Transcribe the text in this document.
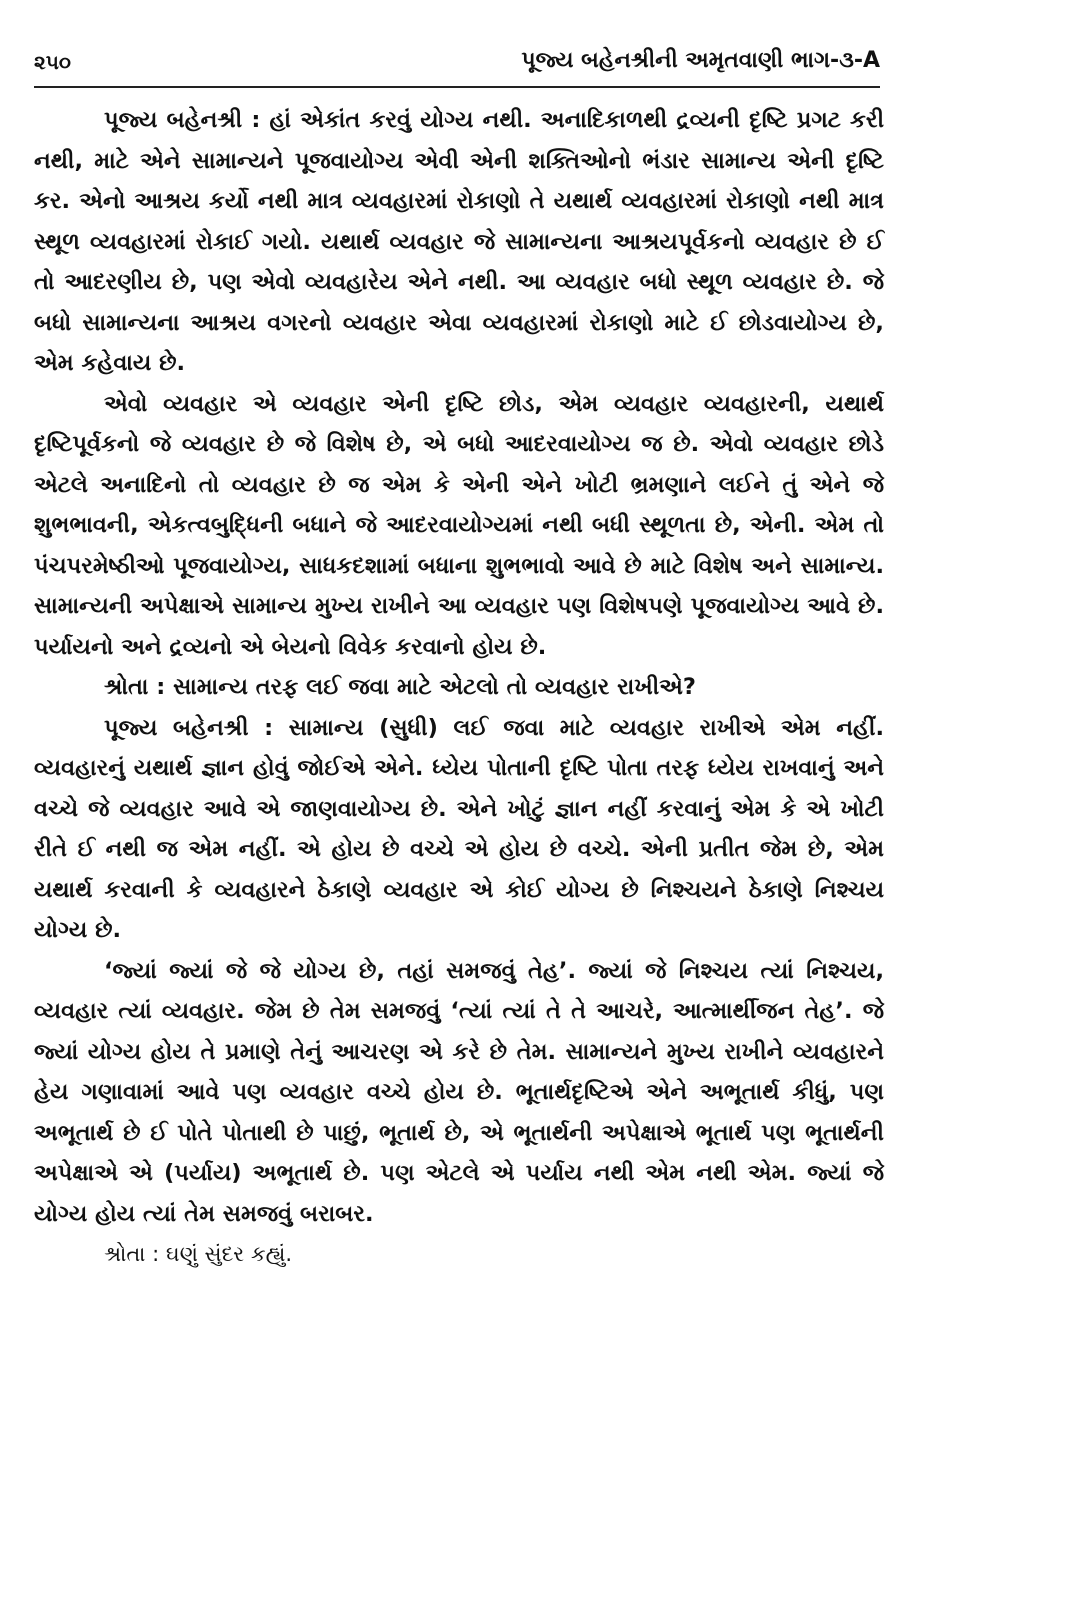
૨૫૦	પૂજ્ય બહેનશ્રીની અમૃતવાણી ભાગ-૩-A

પૂજ્ય બહેનશ્રી : હાં એકાંત કરવું યોગ્ય નથી. અનાદિકાળથી દ્રવ્યની દૃષ્ટિ પ્રગટ કરી નથી, માટે એને સામાન્યને પૂજવાયોગ્ય એવી એની શક્તિઓનો ભંડાર સામાન્ય એની દૃષ્ટિ કર. એનો આશ્રય કર્યો નથી માત્ર વ્યવહારમાં રોકાણો તે યથાર્થ વ્યવહારમાં રોકાણો નથી માત્ર સ્થૂળ વ્યવહારમાં રોકાઈ ગયો. યથાર્થ વ્યવહાર જે સામાન્યના આશ્રયપૂર્વકનો વ્યવહાર છે ઈ તો આદરણીય છે, પણ એવો વ્યવહારેય એને નથી. આ વ્યવહાર બધો સ્થૂળ વ્યવહાર છે. જે બધો સામાન્યના આશ્રય વગરનો વ્યવહાર એવા વ્યવહારમાં રોકાણો માટે ઈ છોડવાયોગ્ય છે, એમ કહેવાય છે.

એવો વ્યવહાર એ વ્યવહાર એની દૃષ્ટિ છોડ, એમ વ્યવહાર વ્યવહારની, યથાર્થ દૃષ્ટિપૂર્વકનો જે વ્યવહાર છે જે વિશેષ છે, એ બધો આદરવાયોગ્ય જ છે. એવો વ્યવહાર છોડે એટલે અનાદિનો તો વ્યવહાર છે જ એમ કે એની એને ખોટી ભ્રમણાને લઈને તું એને જે શુભભાવની, એકત્વબુદ્ધિની બધાને જે આદરવાયોગ્યમાં નથી બધી સ્થૂળતા છે, એની. એમ તો પંચપરમેષ્ઠીઓ પૂજવાયોગ્ય, સાધકદશામાં બધાના શુભભાવો આવે છે માટે વિશેષ અને સામાન્ય. સામાન્યની અપેક્ષાએ સામાન્ય મુખ્ય રાખીને આ વ્યવહાર પણ વિશેષપણે પૂજવાયોગ્ય આવે છે. પર્યાયનો અને દ્રવ્યનો એ બેયનો વિવેક કરવાનો હોય છે.

શ્રોતા : સામાન્ય તરફ લઈ જવા માટે એટલો તો વ્યવહાર રાખીએ?

પૂજ્ય બહેનશ્રી : સામાન્ય (સુધી) લઈ જવા માટે વ્યવહાર રાખીએ એમ નહીં. વ્યવહારનું યથાર્થ જ્ઞાન હોવું જોઈએ એને. ધ્યેય પોતાની દૃષ્ટિ પોતા તરફ ધ્યેય રાખવાનું અને વચ્ચે જે વ્યવહાર આવે એ જાણવાયોગ્ય છે. એને ખોટું જ્ઞાન નહીં કરવાનું એમ કે એ ખોટી રીતે ઈ નથી જ એમ નહીં. એ હોય છે વચ્ચે એ હોય છે વચ્ચે. એની પ્રતીત જેમ છે, એમ યથાર્થ કરવાની કે વ્યવહારને ઠેકાણે વ્યવહાર એ કોઈ યોગ્ય છે નિશ્ચયને ઠેકાણે નિશ્ચય યોગ્ય છે.

‘જ્યાં જ્યાં જે જે યોગ્ય છે, તહાં સમજવું તેહ’. જ્યાં જે નિશ્ચય ત્યાં નિશ્ચય, વ્યવહાર ત્યાં વ્યવહાર. જેમ છે તેમ સમજવું ‘ત્યાં ત્યાં તે તે આચરે, આત્માર્થીજન તેહ’. જે જ્યાં યોગ્ય હોય તે પ્રમાણે તેનું આચરણ એ કરે છે તેમ. સામાન્યને મુખ્ય રાખીને વ્યવહારને હેય ગણાવામાં આવે પણ વ્યવહાર વચ્ચે હોય છે. ભૂતાર્થદૃષ્ટિએ એને અભૂતાર્થ કીધું, પણ અભૂતાર્થ છે ઈ પોતે પોતાથી છે પાછું, ભૂતાર્થ છે, એ ભૂતાર્થની અપેક્ષાએ ભૂતાર્થ પણ ભૂતાર્થની અપેક્ષાએ એ (પર્યાય) અભૂતાર્થ છે. પણ એટલે એ પર્યાય નથી એમ નથી એમ. જ્યાં જે યોગ્ય હોય ત્યાં તેમ સમજવું બરાબર.

શ્રોતા : ઘણું સુંદર કહ્યું.
